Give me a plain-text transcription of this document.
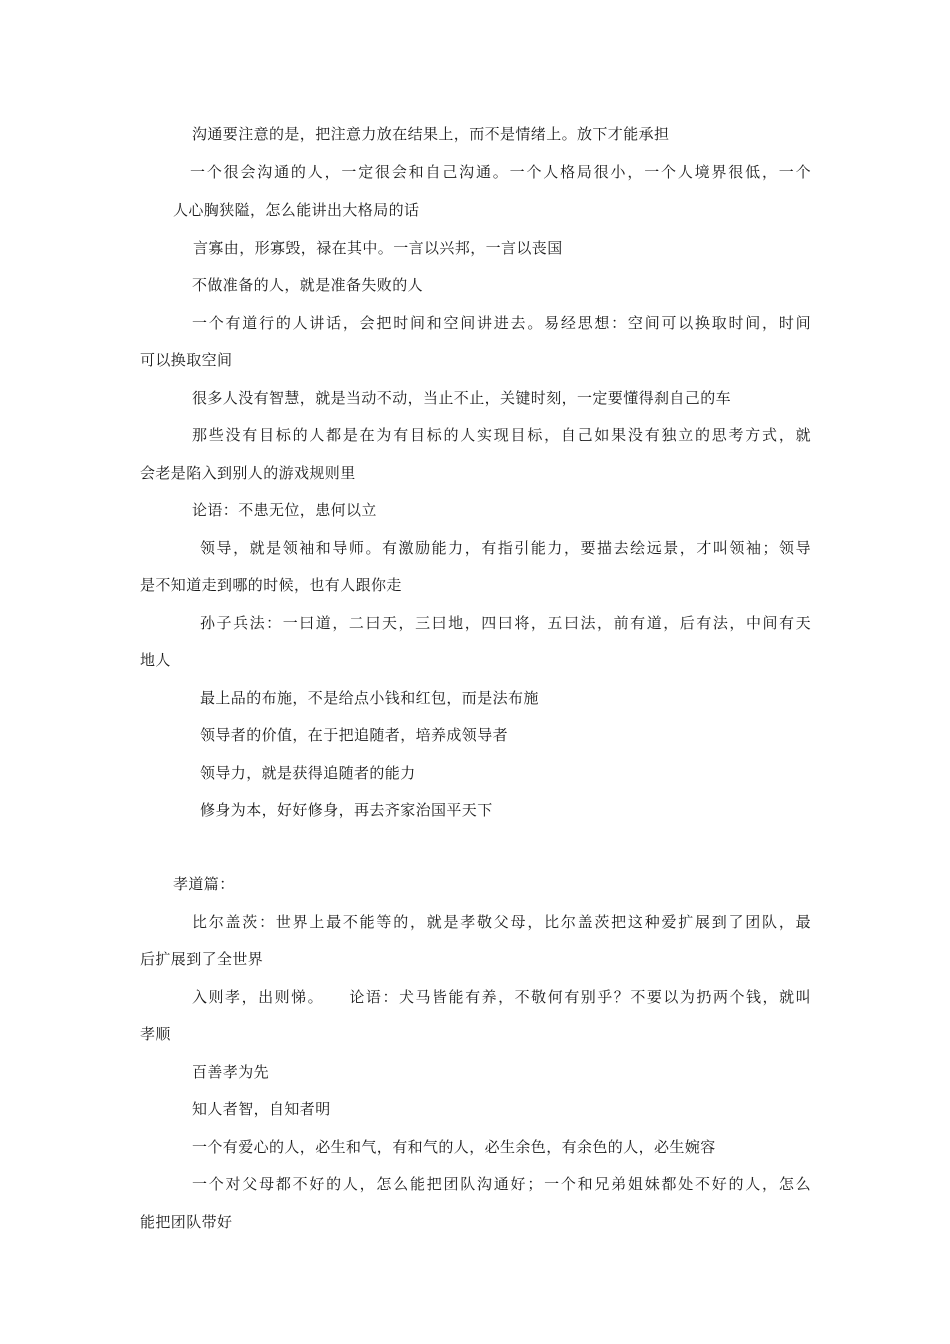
沟通要注意的是，把注意力放在结果上，而不是情绪上。放下才能承担
一个很会沟通的人，一定很会和自己沟通。一个人格局很小，一个人境界很低，一个
人心胸狭隘，怎么能讲出大格局的话
言寡由，形寡毁，禄在其中。一言以兴邦，一言以丧国
不做准备的人，就是准备失败的人
一个有道行的人讲话，会把时间和空间讲进去。易经思想：空间可以换取时间，时间
可以换取空间
很多人没有智慧，就是当动不动，当止不止，关键时刻，一定要懂得刹自己的车
那些没有目标的人都是在为有目标的人实现目标，自己如果没有独立的思考方式，就
会老是陷入到别人的游戏规则里
论语：不患无位，患何以立
领导，就是领袖和导师。有激励能力，有指引能力，要描去绘远景，才叫领袖；领导
是不知道走到哪的时候，也有人跟你走
孙子兵法：一曰道，二曰天，三曰地，四曰将，五曰法，前有道，后有法，中间有天
地人
最上品的布施，不是给点小钱和红包，而是法布施
领导者的价值，在于把追随者，培养成领导者
领导力，就是获得追随者的能力
修身为本，好好修身，再去齐家治国平天下
孝道篇：
比尔盖茨：世界上最不能等的，就是孝敬父母，比尔盖茨把这种爱扩展到了团队，最
后扩展到了全世界
入则孝，出则悌。    论语：犬马皆能有养，不敬何有别乎？不要以为扔两个钱，就叫
孝顺
百善孝为先
知人者智，自知者明
一个有爱心的人，必生和气，有和气的人，必生余色，有余色的人，必生婉容
一个对父母都不好的人，怎么能把团队沟通好；一个和兄弟姐妹都处不好的人，怎么
能把团队带好
